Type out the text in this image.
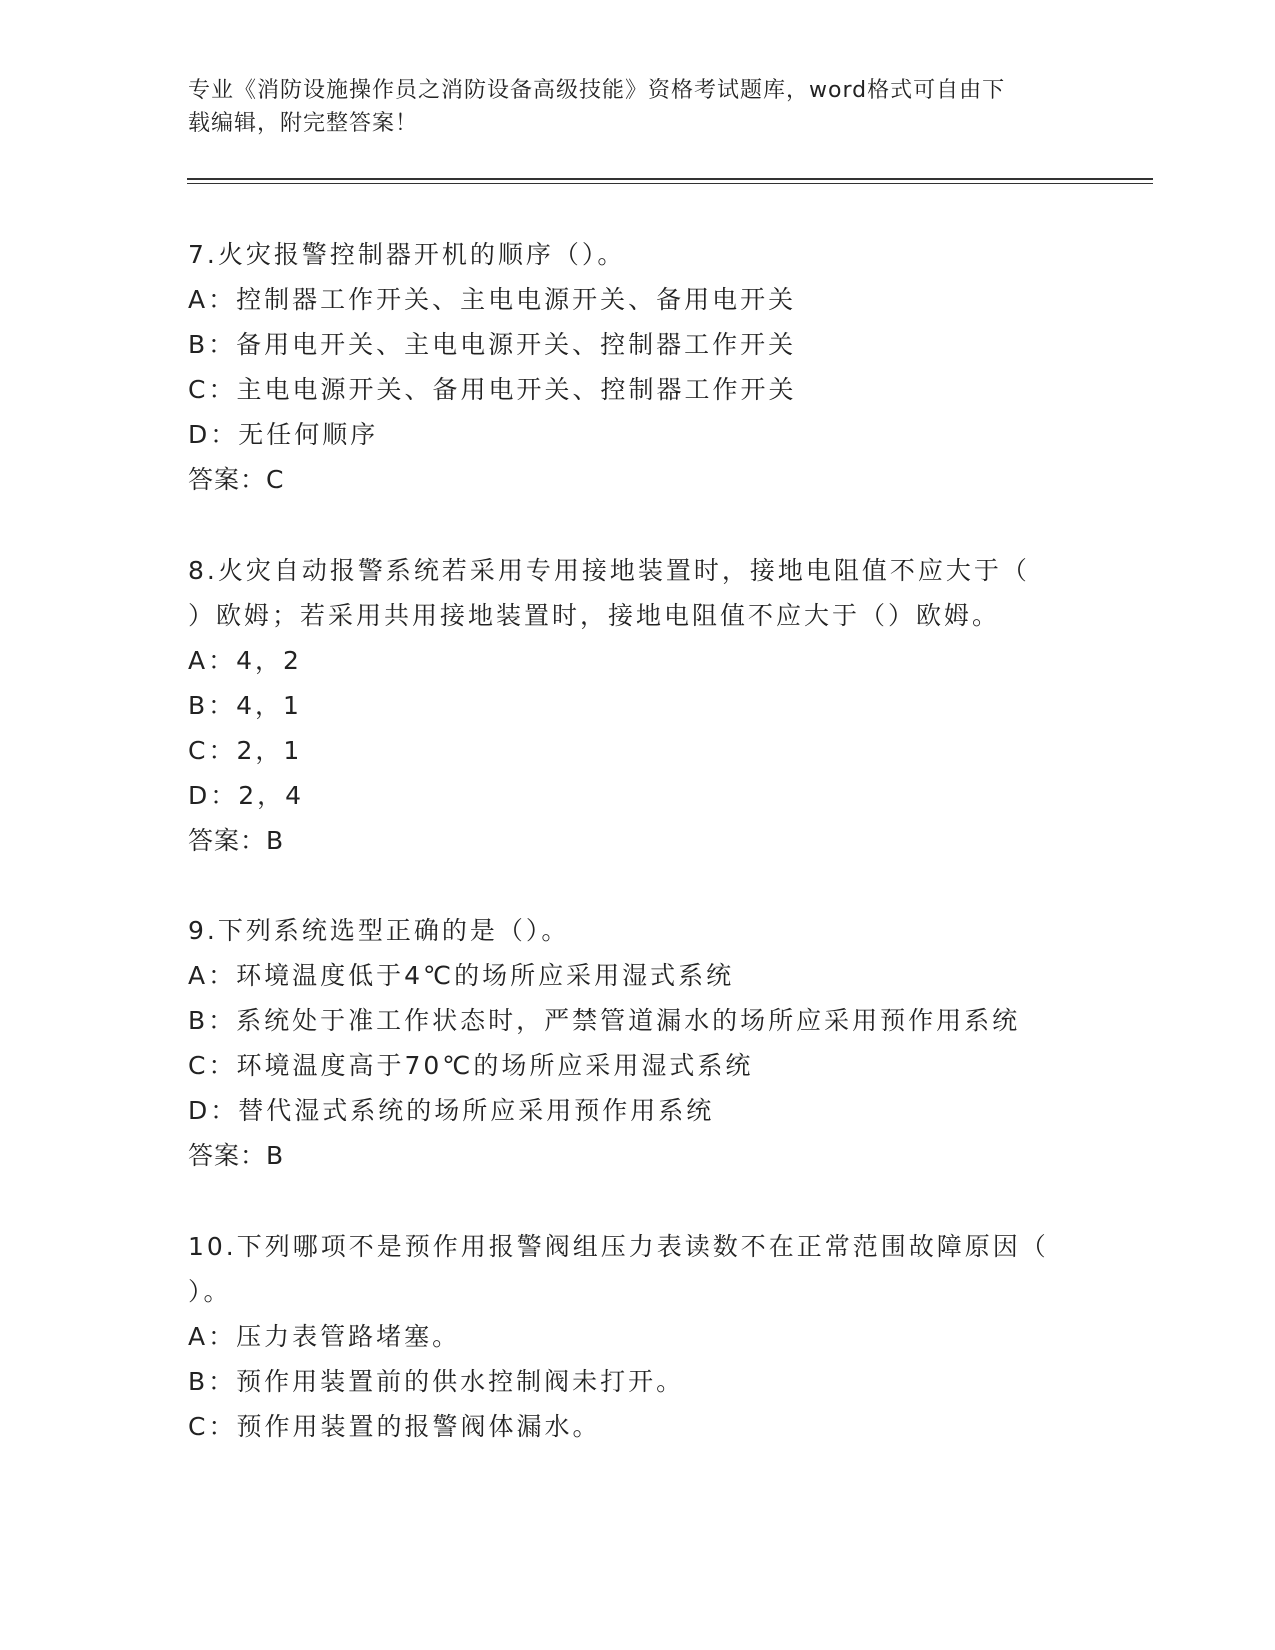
专业《消防设施操作员之消防设备高级技能》资格考试题库，word格式可自由下
载编辑，附完整答案！
7.火灾报警控制器开机的顺序（）。
A：控制器工作开关、主电电源开关、备用电开关
B：备用电开关、主电电源开关、控制器工作开关
C：主电电源开关、备用电开关、控制器工作开关
D：无任何顺序
答案：C
8.火灾自动报警系统若采用专用接地装置时，接地电阻值不应大于（
）欧姆；若采用共用接地装置时，接地电阻值不应大于（）欧姆。
A：4，2
B：4，1
C：2，1
D：2，4
答案：B
9.下列系统选型正确的是（）。
A：环境温度低于4℃的场所应采用湿式系统
B：系统处于准工作状态时，严禁管道漏水的场所应采用预作用系统
C：环境温度高于70℃的场所应采用湿式系统
D：替代湿式系统的场所应采用预作用系统
答案：B
10.下列哪项不是预作用报警阀组压力表读数不在正常范围故障原因（
）。
A：压力表管路堵塞。
B：预作用装置前的供水控制阀未打开。
C：预作用装置的报警阀体漏水。
